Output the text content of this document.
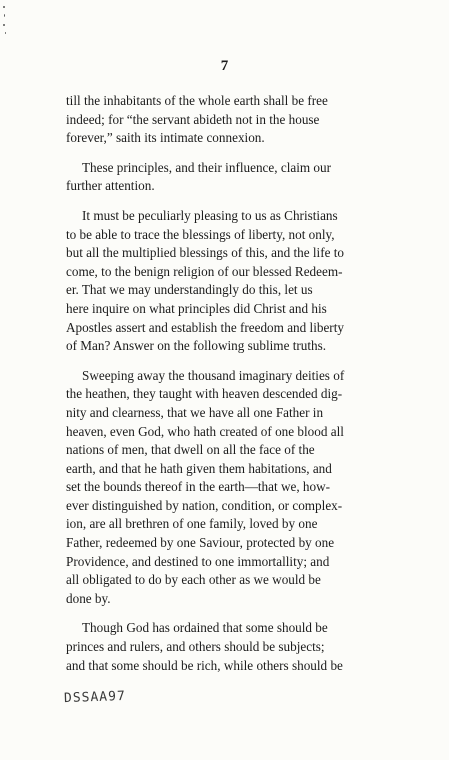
7
till the inhabitants of the whole earth shall be free
indeed; for “the servant abideth not in the house
forever,” saith its intimate connexion.
These principles, and their influence, claim our
further attention.
It must be peculiarly pleasing to us as Christians
to be able to trace the blessings of liberty, not only,
but all the multiplied blessings of this, and the life to
come, to the benign religion of our blessed Redeem-
er. That we may understandingly do this, let us
here inquire on what principles did Christ and his
Apostles assert and establish the freedom and liberty
of Man? Answer on the following sublime truths.
Sweeping away the thousand imaginary deities of
the heathen, they taught with heaven descended dig-
nity and clearness, that we have all one Father in
heaven, even God, who hath created of one blood all
nations of men, that dwell on all the face of the
earth, and that he hath given them habitations, and
set the bounds thereof in the earth—that we, how-
ever distinguished by nation, condition, or complex-
ion, are all brethren of one family, loved by one
Father, redeemed by one Saviour, protected by one
Providence, and destined to one immortallity; and
all obligated to do by each other as we would be
done by.
Though God has ordained that some should be
princes and rulers, and others should be subjects;
and that some should be rich, while others should be
DSSAA97
